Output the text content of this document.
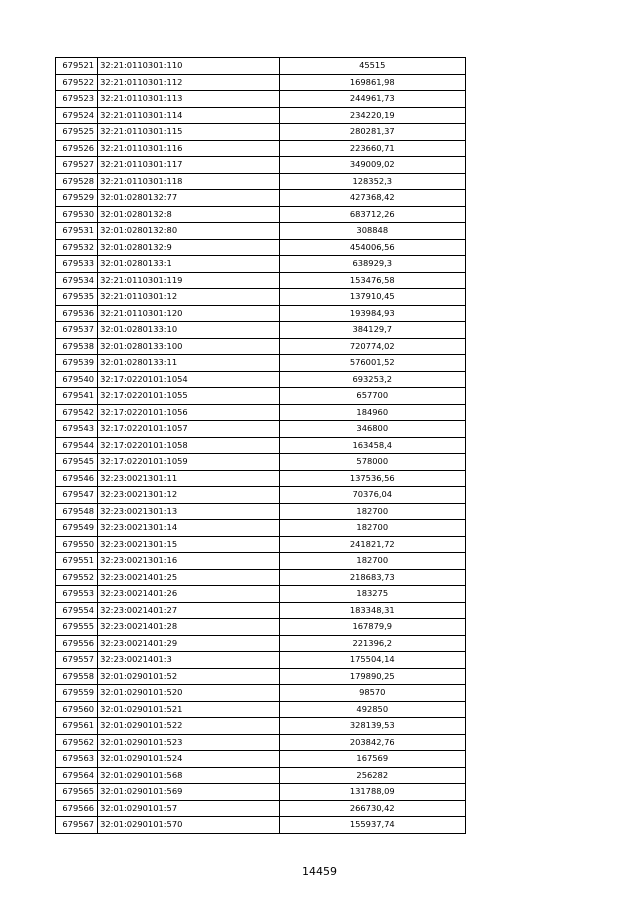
679521	32:21:0110301:110	45515
679522	32:21:0110301:112	169861,98
679523	32:21:0110301:113	244961,73
679524	32:21:0110301:114	234220,19
679525	32:21:0110301:115	280281,37
679526	32:21:0110301:116	223660,71
679527	32:21:0110301:117	349009,02
679528	32:21:0110301:118	128352,3
679529	32:01:0280132:77	427368,42
679530	32:01:0280132:8	683712,26
679531	32:01:0280132:80	308848
679532	32:01:0280132:9	454006,56
679533	32:01:0280133:1	638929,3
679534	32:21:0110301:119	153476,58
679535	32:21:0110301:12	137910,45
679536	32:21:0110301:120	193984,93
679537	32:01:0280133:10	384129,7
679538	32:01:0280133:100	720774,02
679539	32:01:0280133:11	576001,52
679540	32:17:0220101:1054	693253,2
679541	32:17:0220101:1055	657700
679542	32:17:0220101:1056	184960
679543	32:17:0220101:1057	346800
679544	32:17:0220101:1058	163458,4
679545	32:17:0220101:1059	578000
679546	32:23:0021301:11	137536,56
679547	32:23:0021301:12	70376,04
679548	32:23:0021301:13	182700
679549	32:23:0021301:14	182700
679550	32:23:0021301:15	241821,72
679551	32:23:0021301:16	182700
679552	32:23:0021401:25	218683,73
679553	32:23:0021401:26	183275
679554	32:23:0021401:27	183348,31
679555	32:23:0021401:28	167879,9
679556	32:23:0021401:29	221396,2
679557	32:23:0021401:3	175504,14
679558	32:01:0290101:52	179890,25
679559	32:01:0290101:520	98570
679560	32:01:0290101:521	492850
679561	32:01:0290101:522	328139,53
679562	32:01:0290101:523	203842,76
679563	32:01:0290101:524	167569
679564	32:01:0290101:568	256282
679565	32:01:0290101:569	131788,09
679566	32:01:0290101:57	266730,42
679567	32:01:0290101:570	155937,74
14459
